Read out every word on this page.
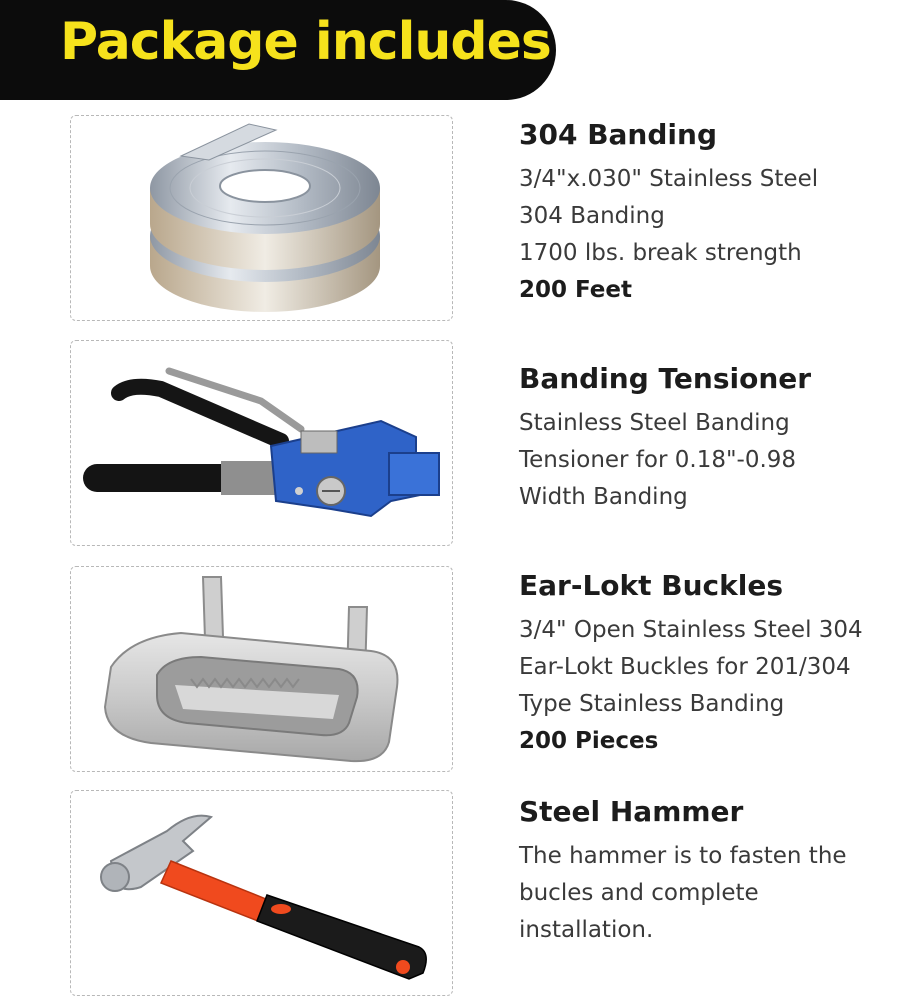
Package includes
304 Banding
3/4"x.030" Stainless Steel
304 Banding
1700 lbs. break strength
200 Feet
Banding Tensioner
Stainless Steel Banding
Tensioner for 0.18"-0.98
Width Banding
Ear-Lokt Buckles
3/4" Open Stainless Steel 304
Ear-Lokt Buckles for 201/304
Type Stainless Banding
200 Pieces
Steel Hammer
The hammer is to fasten the
bucles and complete
installation.
